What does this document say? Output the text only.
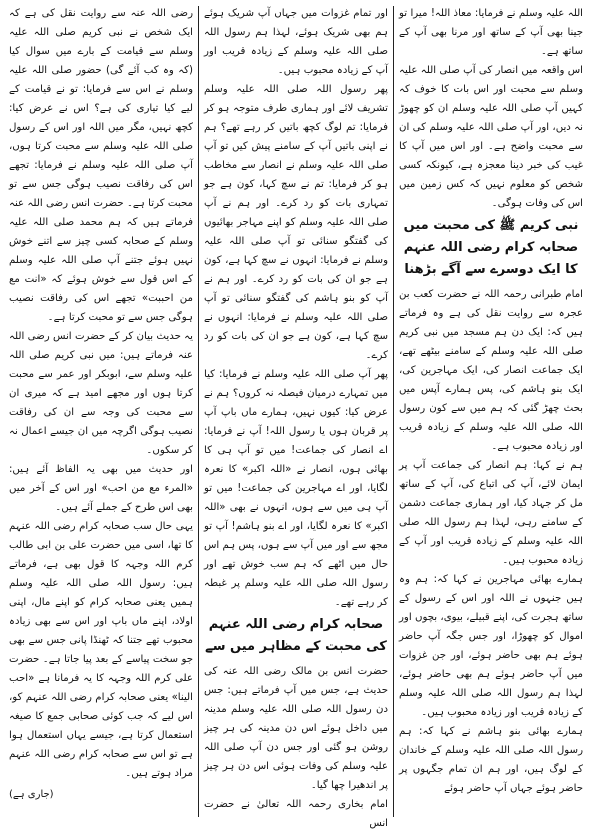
اللہ علیہ وسلم نے فرمایا: معاذ اللہ! میرا تو جینا بھی آپ کے ساتھ اور مرنا بھی آپ کے ساتھ ہے۔

اس واقعہ میں انصار کی آپ صلی اللہ علیہ وسلم سے محبت اور اس بات کا خوف کہ کہیں آپ صلی اللہ علیہ وسلم ان کو چھوڑ نہ دیں، اور آپ صلی اللہ علیہ وسلم کی ان سے محبت واضح ہے۔ اور اس میں آپ کا غیب کی خبر دینا معجزہ ہے، کیونکہ کسی شخص کو معلوم نہیں کہ کس زمین میں اس کی وفات ہوگی۔

نبی کریم ﷺ کی محبت میں صحابہ کرام رضی اللہ عنہم کا ایک دوسرے سے آگے بڑھنا

امام طبرانی رحمہ اللہ نے حضرت کعب بن عجرہ سے روایت نقل کی ہے وہ فرماتے ہیں کہ: ایک دن ہم مسجد میں نبی کریم صلی اللہ علیہ وسلم کے سامنے بیٹھے تھے، ایک جماعت انصار کی، ایک مہاجرین کی، ایک بنو ہاشم کی، پس ہمارے آپس میں بحث چھڑ گئی کہ ہم میں سے کون رسول اللہ صلی اللہ علیہ وسلم کے زیادہ قریب اور زیادہ محبوب ہے۔

ہم نے کہا: ہم انصار کی جماعت آپ پر ایمان لائے، آپ کی اتباع کی، آپ کے ساتھ مل کر جہاد کیا، اور ہماری جماعت دشمن کے سامنے رہی، لہذا ہم رسول اللہ صلی اللہ علیہ وسلم کے زیادہ قریب اور آپ کے زیادہ محبوب ہیں۔

ہمارے بھائی مہاجرین نے کہا کہ: ہم وہ ہیں جنہوں نے اللہ اور اس کے رسول کے ساتھ ہجرت کی، اپنے قبیلے، بیوی، بچوں اور اموال کو چھوڑا، اور جس جگہ آپ حاضر ہوئے ہم بھی حاضر ہوئے، اور جن غزوات میں آپ حاضر ہوئے ہم بھی حاضر ہوئے، لہذا ہم رسول اللہ صلی اللہ علیہ وسلم کے زیادہ قریب اور زیادہ محبوب ہیں۔

ہمارے بھائی بنو ہاشم نے کہا کہ: ہم رسول اللہ صلی اللہ علیہ وسلم کے خاندان کے لوگ ہیں، اور ہم ان تمام جگہوں پر حاضر ہوئے جہاں آپ حاضر ہوئے

اور تمام غزوات میں جہاں آپ شریک ہوئے ہم بھی شریک ہوئے، لہذا ہم رسول اللہ صلی اللہ علیہ وسلم کے زیادہ قریب اور آپ کے زیادہ محبوب ہیں۔

پھر رسول اللہ صلی اللہ علیہ وسلم تشریف لائے اور ہماری طرف متوجہ ہو کر فرمایا: تم لوگ کچھ باتیں کر رہے تھے؟ ہم نے اپنی باتیں آپ کے سامنے پیش کیں تو آپ صلی اللہ علیہ وسلم نے انصار سے مخاطب ہو کر فرمایا: تم نے سچ کہا، کون ہے جو تمہاری بات کو رد کرے۔ اور ہم نے آپ صلی اللہ علیہ وسلم کو اپنے مہاجر بھائیوں کی گفتگو سنائی تو آپ صلی اللہ علیہ وسلم نے فرمایا: انہوں نے سچ کہا ہے، کون ہے جو ان کی بات کو رد کرے۔ اور ہم نے آپ کو بنو ہاشم کی گفتگو سنائی تو آپ صلی اللہ علیہ وسلم نے فرمایا: انہوں نے سچ کہا ہے، کون ہے جو ان کی بات کو رد کرے۔

پھر آپ صلی اللہ علیہ وسلم نے فرمایا: کیا میں تمہارے درمیان فیصلہ نہ کروں؟ ہم نے عرض کیا: کیوں نہیں، ہمارے ماں باپ آپ پر قربان ہوں یا رسول اللہ! آپ نے فرمایا: اے انصار کی جماعت! میں تو آپ ہی کا بھائی ہوں، انصار نے «اللہ اکبر» کا نعرہ لگایا، اور اے مہاجرین کی جماعت! میں تو آپ ہی میں سے ہوں، انہوں نے بھی «اللہ اکبر» کا نعرہ لگایا، اور اے بنو ہاشم! آپ تو مجھ سے اور میں آپ سے ہوں، پس ہم اس حال میں اٹھے کہ ہم سب خوش تھے اور رسول اللہ صلی اللہ علیہ وسلم پر غبطہ کر رہے تھے۔

صحابہ کرام رضی اللہ عنہم کی محبت کے مظاہر میں سے

حضرت انس بن مالک رضی اللہ عنہ کی حدیث ہے، جس میں آپ فرماتے ہیں: جس دن رسول اللہ صلی اللہ علیہ وسلم مدینہ میں داخل ہوئے اس دن مدینہ کی ہر چیز روشن ہو گئی اور جس دن آپ صلی اللہ علیہ وسلم کی وفات ہوئی اس دن ہر چیز پر اندھیرا چھا گیا۔

امام بخاری رحمہ اللہ تعالیٰ نے حضرت انس

رضی اللہ عنہ سے روایت نقل کی ہے کہ ایک شخص نے نبی کریم صلی اللہ علیہ وسلم سے قیامت کے بارے میں سوال کیا (کہ وہ کب آئے گی) حضور صلی اللہ علیہ وسلم نے اس سے فرمایا: تو نے قیامت کے لیے کیا تیاری کی ہے؟ اس نے عرض کیا: کچھ نہیں، مگر میں اللہ اور اس کے رسول صلی اللہ علیہ وسلم سے محبت کرتا ہوں، آپ صلی اللہ علیہ وسلم نے فرمایا: تجھے اس کی رفاقت نصیب ہوگی جس سے تو محبت کرتا ہے۔ حضرت انس رضی اللہ عنہ فرماتے ہیں کہ ہم محمد صلی اللہ علیہ وسلم کے صحابہ کسی چیز سے اتنے خوش نہیں ہوئے جتنے آپ صلی اللہ علیہ وسلم کے اس قول سے خوش ہوئے کہ «انت مع من احببت» تجھے اس کی رفاقت نصیب ہوگی جس سے تو محبت کرتا ہے۔

یہ حدیث بیان کر کے حضرت انس رضی اللہ عنہ فرماتے ہیں: میں نبی کریم صلی اللہ علیہ وسلم سے، ابوبکر اور عمر سے محبت کرتا ہوں اور مجھے امید ہے کہ میری ان سے محبت کی وجہ سے ان کی رفاقت نصیب ہوگی اگرچہ میں ان جیسے اعمال نہ کر سکوں۔

اور حدیث میں بھی یہ الفاظ آئے ہیں: «المرء مع من احب» اور اس کے آخر میں بھی اس طرح کے جملے آئے ہیں۔

یہی حال سب صحابہ کرام رضی اللہ عنہم کا تھا، اسی میں حضرت علی بن ابی طالب کرم اللہ وجہہ کا قول بھی ہے، فرماتے ہیں: رسول اللہ صلی اللہ علیہ وسلم ہمیں یعنی صحابہ کرام کو اپنے مال، اپنی اولاد، اپنے ماں باپ اور اس سے بھی زیادہ محبوب تھے جتنا کہ ٹھنڈا پانی جس سے بھی جو سخت پیاسے کے بعد پیا جاتا ہے۔ حضرت علی کرم اللہ وجہہ کا یہ فرمانا ہے «احب الینا» یعنی صحابہ کرام رضی اللہ عنہم کو، اس لیے کہ جب کوئی صحابی جمع کا صیغہ استعمال کرتا ہے، جیسے یہاں استعمال ہوا ہے تو اس سے صحابہ کرام رضی اللہ عنہم مراد ہوتے ہیں۔

(جاری ہے)
